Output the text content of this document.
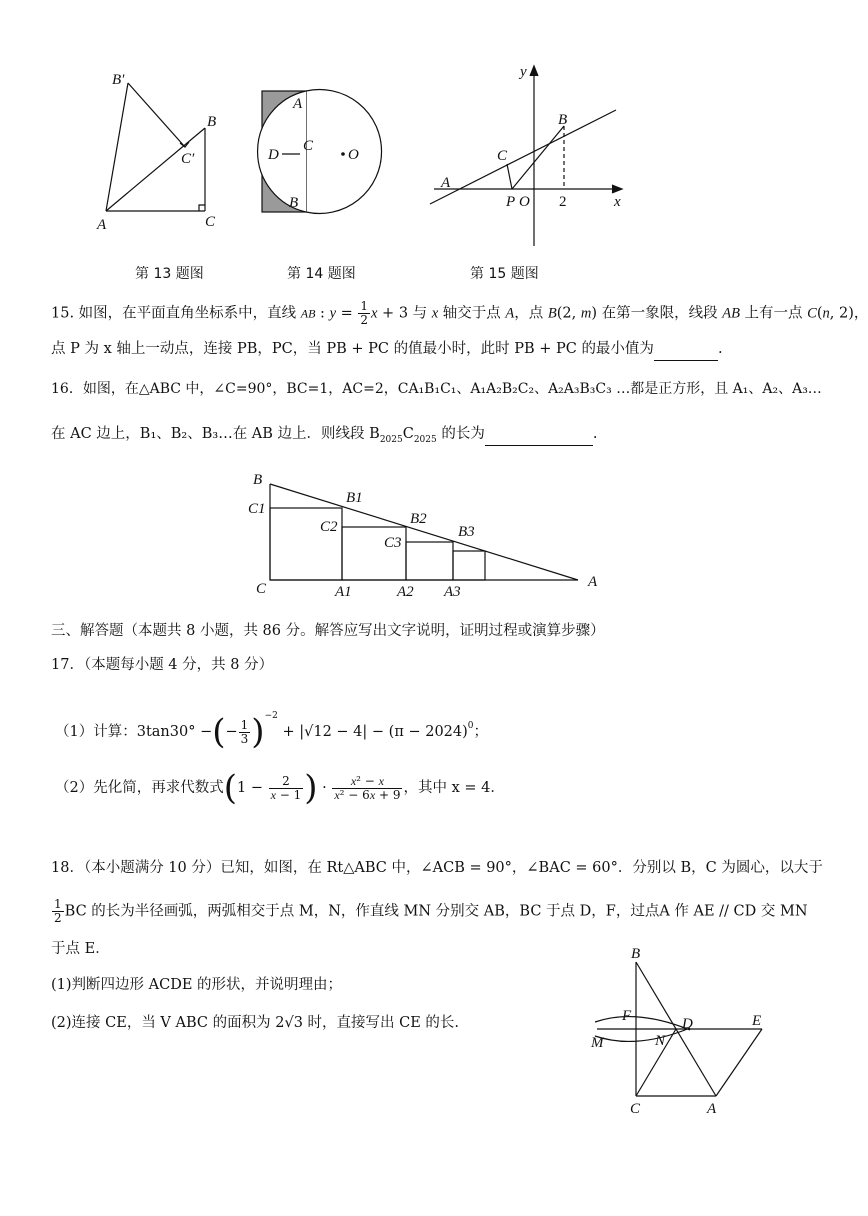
B′
B
C′
A	C
A
D
C
O
B
y
B
C
A
P O 2	x
B
C1
B1
C2	B2
C3
B3
C	A1	A2 A3
A
B
F	D	E
M	N
C	A
第 13 题图	第 14 题图	第 15 题图
15. 如图，在平面直角坐标系中，直线 AB : $y = \frac{1}{2}$ x + 3 与 x 轴交于点 A，点 B(2, m) 在第一象限，线段 AB 上有一点 C(n, 2)，
点 P 为 x 轴上一动点，连接 PB，PC，当 PB + PC 的值最小时，此时 PB + PC 的最小值为	.
16．如图，在△ABC 中，∠C=90°，BC=1，AC=2，CA₁B₁C₁、A₁A₂B₂C₂、A₂A₃B₃C₃ …都是正方形，且 A₁、A₂、A₃…
在 AC 边上，B₁、B₂、B₃…在 AB 边上．则线段 $B_{2025}C_{2025}$ 的长为	.
三、解答题（本题共 8 小题，共 86 分。解答应写出文字说明，证明过程或演算步骤）
17．（本题每小题 4 分，共 8 分）
（1）计算：3tan30° −(− $\frac{1}{3} )^{-2} + |√12 - 4| - (\pi - 2024)^0$；
（2）先化简，再求代数式($1 - \frac{2}{x - 1}$ ) · $\frac{\text{x² − x}}{\text{x² − 6x + 9}}$ ，其中 x = 4．
18．（本小题满分 10 分）已知，如图，在 Rt△ABC 中，∠ACB = 90°，∠BAC = 60°．分别以 B，C 为圆心，以大于
$\frac{1}{2}$ BC 的长为半径画弧，两弧相交于点 M，N，作直线 MN 分别交 AB，BC 于点 D，F，过点A 作 AE // CD 交 MN
于点 E．
(1)判断四边形 ACDE 的形状，并说明理由；
(2)连接 CE，当 V ABC 的面积为 2√3 时，直接写出 CE 的长.
